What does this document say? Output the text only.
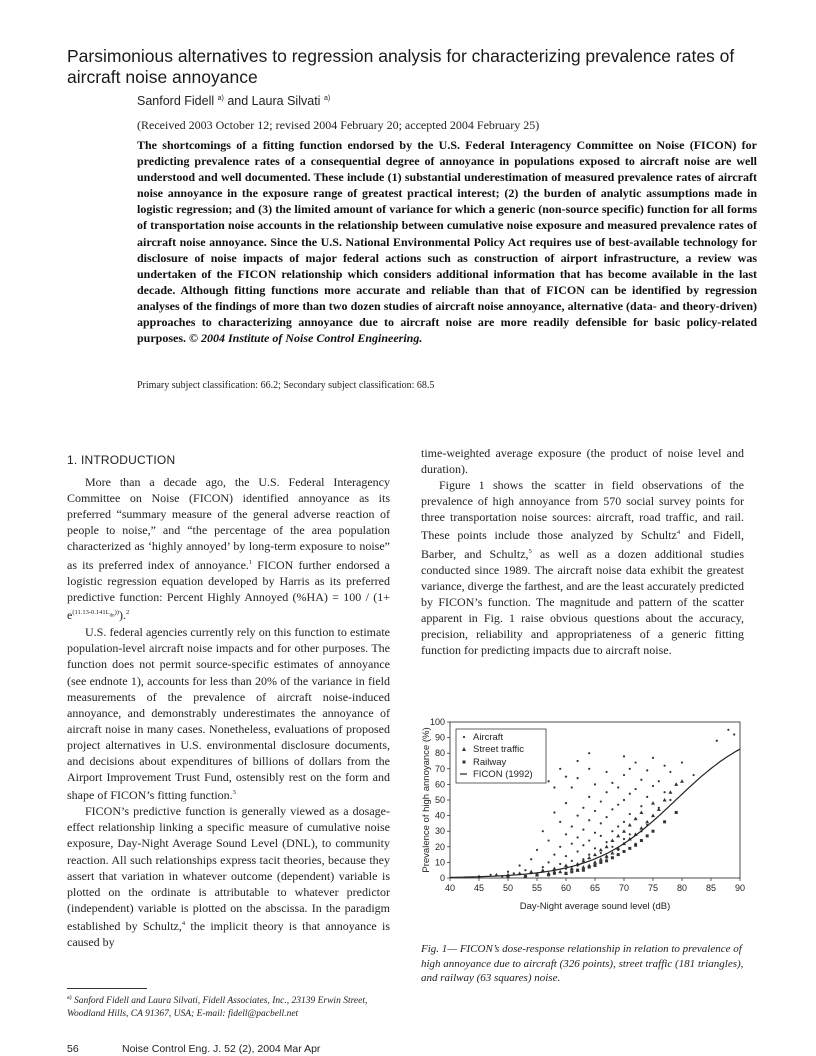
Parsimonious alternatives to regression analysis for characterizing prevalence rates of aircraft noise annoyance
Sanford Fidell $^{a)}$ and Laura Silvati $^{a)}$
(Received 2003 October 12; revised 2004 February 20; accepted 2004 February 25)
The shortcomings of a fitting function endorsed by the U.S. Federal Interagency Committee on Noise (FICON) for predicting prevalence rates of a consequential degree of annoyance in populations exposed to aircraft noise are well understood and well documented. These include (1) substantial underestimation of measured prevalence rates of aircraft noise annoyance in the exposure range of greatest practical interest; (2) the burden of analytic assumptions made in logistic regression; and (3) the limited amount of variance for which a generic (non-source specific) function for all forms of transportation noise accounts in the relationship between cumulative noise exposure and measured prevalence rates of aircraft noise annoyance. Since the U.S. National Environmental Policy Act requires use of best-available technology for disclosure of noise impacts of major federal actions such as construction of airport infrastructure, a review was undertaken of the FICON relationship which considers additional information that has become available in the last decade. Although fitting functions more accurate and reliable than that of FICON can be identified by regression analyses of the findings of more than two dozen studies of aircraft noise annoyance, alternative (data- and theory-driven) approaches to characterizing annoyance due to aircraft noise are more readily defensible for basic policy-related purposes. © 2004 Institute of Noise Control Engineering.
Primary subject classification: 66.2; Secondary subject classification: 68.5
1. INTRODUCTION

More than a decade ago, the U.S. Federal Interagency Committee on Noise (FICON) identified annoyance as its preferred “summary measure of the general adverse reaction of people to noise,” and “the percentage of the area population characterized as ‘highly annoyed’ by long-term exposure to noise” as its preferred index of annoyance.$^1$ FICON further endorsed a logistic regression equation developed by Harris as its preferred predictive function: Percent Highly Annoyed $(\%HA) = 100 / (1+ e^{(11.13-0.141L_{dn}))}).^2$

U.S. federal agencies currently rely on this function to estimate population-level aircraft noise impacts and for other purposes. The function does not permit source-specific estimates of annoyance (see endnote 1), accounts for less than 20% of the variance in field measurements of the prevalence of aircraft noise-induced annoyance, and demonstrably underestimates the annoyance of aircraft noise in many cases. Nonetheless, evaluations of proposed project alternatives in U.S. environmental disclosure documents, and decisions about expenditures of billions of dollars from the Airport Improvement Trust Fund, ostensibly rest on the form and shape of FICON’s fitting function.$^3$

FICON’s predictive function is generally viewed as a dosage-effect relationship linking a specific measure of cumulative noise exposure, Day-Night Average Sound Level (DNL), to community reaction. All such relationships express tacit theories, because they assert that variation in whatever outcome (dependent) variable is plotted on the ordinate is attributable to whatever predictor (independent) variable is plotted on the abscissa. In the paradigm established by Schultz,$^4$ the implicit theory is that annoyance is caused by

time-weighted average exposure (the product of noise level and duration).

Figure 1 shows the scatter in field observations of the prevalence of high annoyance from 570 social survey points for three transportation noise sources: aircraft, road traffic, and rail. These points include those analyzed by Schultz$^4$ and Fidell, Barber, and Schultz,$^5$ as well as a dozen additional studies conducted since 1989. The aircraft noise data exhibit the greatest variance, diverge the farthest, and are the least accurately predicted by FICON’s function. The magnitude and pattern of the scatter apparent in Fig. 1 raise obvious questions about the accuracy, precision, reliability and appropriateness of a generic fitting function for predicting impacts due to aircraft noise.

0
10
20
30
40
50
60
70
80
90
100
40 45 50 55 60 65 70 75 80 85 90
Aircraft
Street traffic
Railway
FICON (1992)
Prevalence of high annoyance (%)
Day-Night average sound level (dB)
Fig. 1— FICON’s dose-response relationship in relation to prevalence of high annoyance due to aircraft (326 points), street traffic (181 triangles), and railway (63 squares) noise.
$^{a)}$ Sanford Fidell and Laura Silvati, Fidell Associates, Inc., 23139 Erwin Street, Woodland Hills, CA 91367, USA; E-mail: fidell@pacbell.net
56	Noise Control Eng. J. 52 (2), 2004 Mar Apr
